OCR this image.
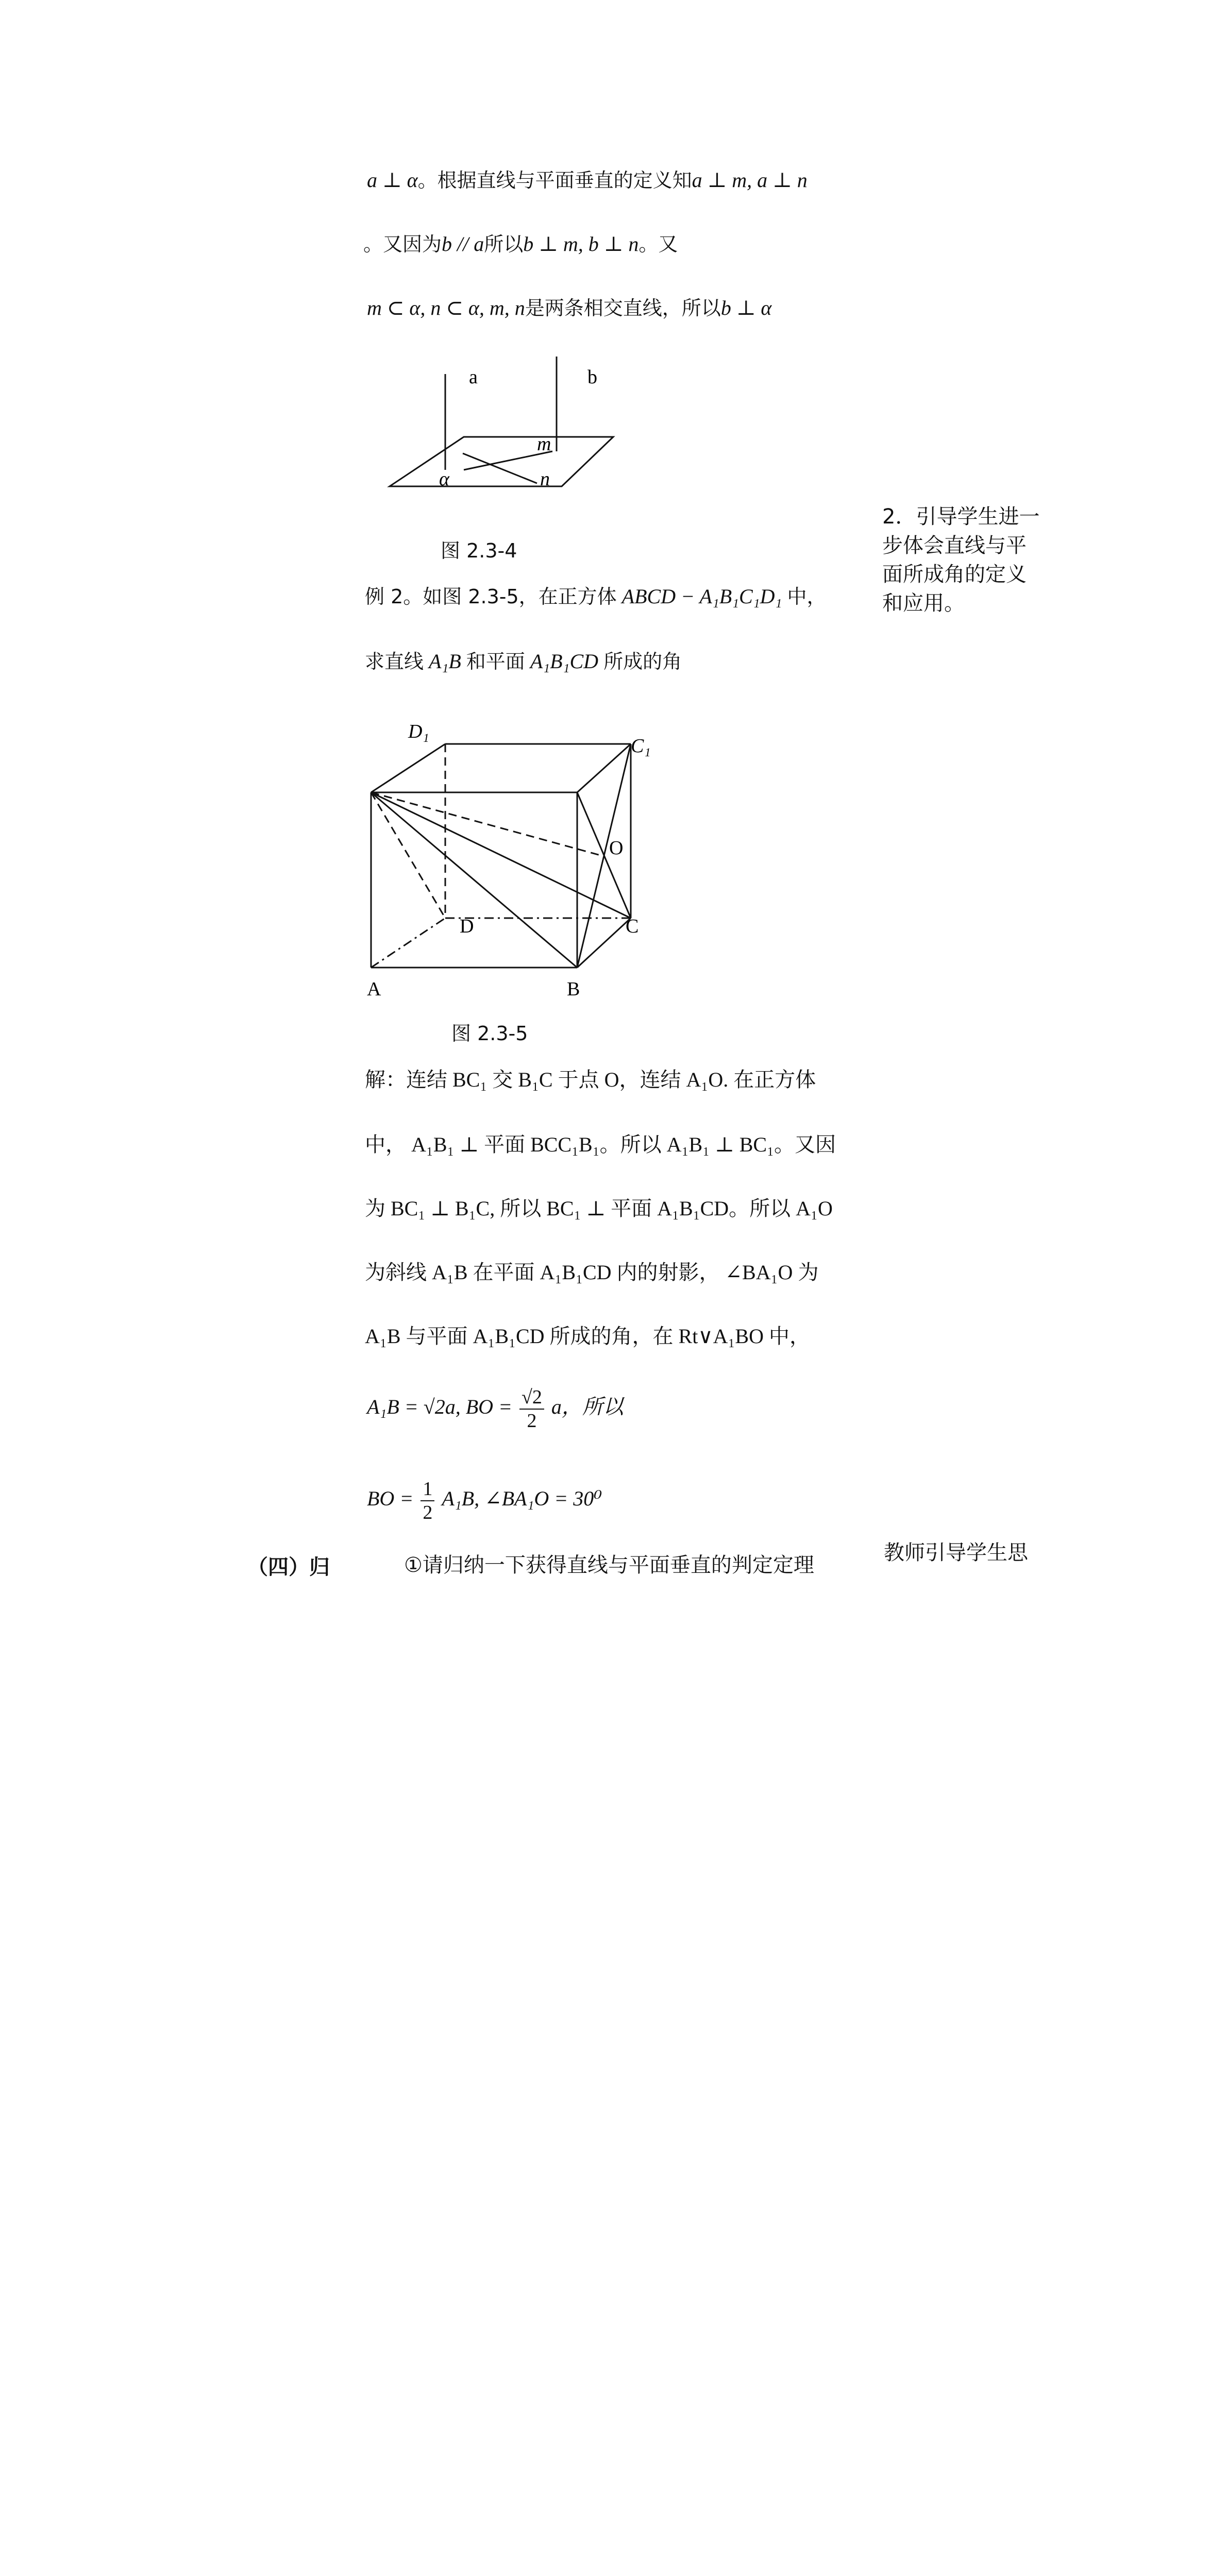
a ⊥ α。根据直线与平面垂直的定义知a ⊥ m, a ⊥ n
。又因为b // a所以b ⊥ m, b ⊥ n。又
m ⊂ α, n ⊂ α, m, n是两条相交直线，所以b ⊥ α
a	b
m
α	n
图 2.3-4
例 2。如图 2.3-5，在正方体 ABCD − A₁B₁C₁D₁ 中，
求直线 A₁B 和平面 A₁B₁CD 所成的角
D₁
C₁
O
D	C
A	B
图 2.3-5
解：连结 BC₁ 交 B₁C 于点 O，连结 A₁O. 在正方体
中， A₁B₁ ⊥ 平面 BCC₁B₁。所以 A₁B₁ ⊥ BC₁。又因
为 BC₁ ⊥ B₁C, 所以 BC₁ ⊥ 平面 A₁B₁CD。所以 A₁O
为斜线 A₁B 在平面 A₁B₁CD 内的射影， ∠BA₁O 为
A₁B 与平面 A₁B₁CD 所成的角，在 Rt∨A₁BO 中，
A₁B = √2a, BO = $\frac{√2}{2}$ a，所以
BO = $\frac{1}{2} A_1B$, ∠BA₁O = 30⁰
2．引导学生进一步体会直线与平面所成角的定义和应用。
（四）归	①请归纳一下获得直线与平面垂直的判定定理
教师引导学生思
